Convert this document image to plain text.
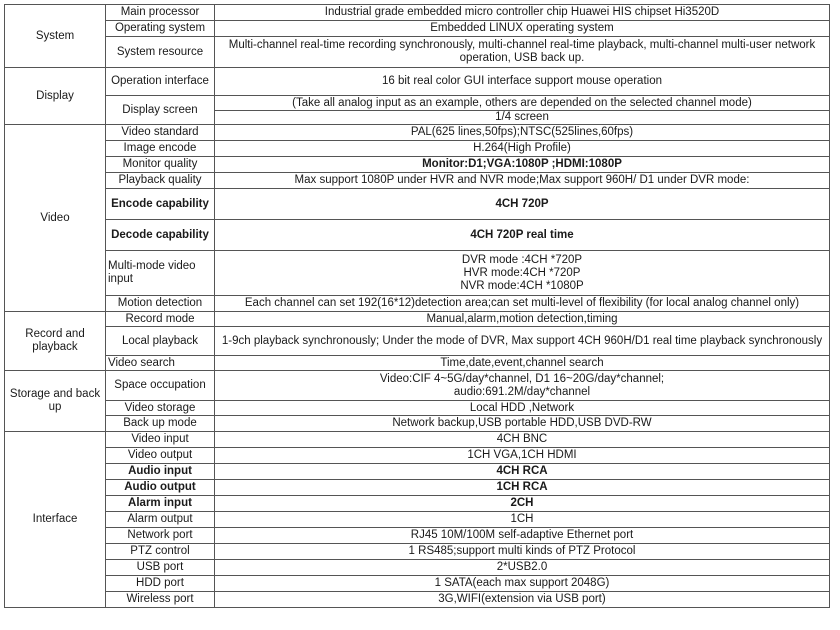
System	Main processor	Industrial grade embedded micro controller chip Huawei HIS chipset Hi3520D
	Operating system	Embedded LINUX operating system
	System resource	Multi-channel real-time recording synchronously, multi-channel real-time playback, multi-channel multi-user network operation, USB back up.
Display	Operation interface	16 bit real color GUI interface support mouse operation
	Display screen	(Take all analog input as an example, others are depended on the selected channel mode)
		1/4 screen
Video	Video standard	PAL(625 lines,50fps);NTSC(525lines,60fps)
	Image encode	H.264(High Profile)
	Monitor quality	Monitor:D1;VGA:1080P ;HDMI:1080P
	Playback quality	Max support 1080P under HVR and NVR mode;Max support 960H/ D1 under DVR mode:
	Encode capability	4CH 720P
	Decode capability	4CH 720P real time
	Multi-mode video input	DVR mode :4CH *720P
HVR mode:4CH *720P
NVR mode:4CH *1080P

	Motion detection	Each channel can set 192(16*12)detection area;can set multi-level of flexibility (for local analog channel only)
Record and playback	Record mode	Manual,alarm,motion detection,timing
	Local playback	1-9ch playback synchronously; Under the mode of DVR, Max support 4CH 960H/D1 real time playback synchronously
	Video search	Time,date,event,channel search
Storage and back up	Space occupation	Video:CIF 4~5G/day*channel, D1 16~20G/day*channel;
audio:691.2M/day*channel

	Video storage	Local HDD ,Network
	Back up mode	Network backup,USB portable HDD,USB DVD-RW
Interface	Video input	4CH BNC
	Video output	1CH VGA,1CH HDMI
	Audio input	4CH RCA
	Audio output	1CH RCA
	Alarm input	2CH
	Alarm output	1CH
	Network port	RJ45 10M/100M self-adaptive Ethernet port
	PTZ control	1 RS485;support multi kinds of PTZ Protocol
	USB port	2*USB2.0
	HDD port	1 SATA(each max support 2048G)
	Wireless port	3G,WIFI(extension via USB port)
